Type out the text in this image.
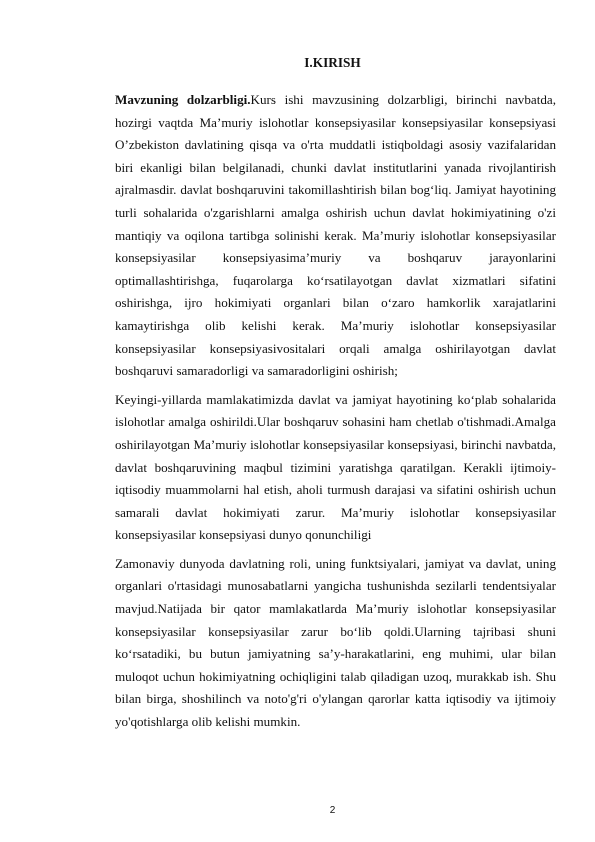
I.KIRISH

Mavzuning dolzarbligi.Kurs ishi mavzusining dolzarbligi, birinchi navbatda, hozirgi vaqtda Maʼmuriy islohotlar konsepsiyasilar konsepsiyasilar konsepsiyasi O’zbekiston davlatining qisqa va o'rta muddatli istiqboldagi asosiy vazifalaridan biri ekanligi bilan belgilanadi, chunki davlat institutlarini yanada rivojlantirish ajralmasdir. davlat boshqaruvini takomillashtirish bilan bog‘liq. Jamiyat hayotining turli sohalarida o'zgarishlarni amalga oshirish uchun davlat hokimiyatining o'zi mantiqiy va oqilona tartibga solinishi kerak. Maʼmuriy islohotlar konsepsiyasilar konsepsiyasilar konsepsiyasimaʼmuriy va boshqaruv jarayonlarini optimallashtirishga, fuqarolarga ko‘rsatilayotgan davlat xizmatlari sifatini oshirishga, ijro hokimiyati organlari bilan o‘zaro hamkorlik xarajatlarini kamaytirishga olib kelishi kerak. Maʼmuriy islohotlar konsepsiyasilar konsepsiyasilar konsepsiyasivositalari orqali amalga oshirilayotgan davlat boshqaruvi samaradorligi va samaradorligini oshirish;

Keyingi-yillarda mamlakatimizda davlat va jamiyat hayotining ko‘plab sohalarida islohotlar amalga oshirildi.Ular boshqaruv sohasini ham chetlab o'tishmadi.Amalga oshirilayotgan Maʼmuriy islohotlar konsepsiyasilar konsepsiyasi, birinchi navbatda, davlat boshqaruvining maqbul tizimini yaratishga qaratilgan. Kerakli ijtimoiy-iqtisodiy muammolarni hal etish, aholi turmush darajasi va sifatini oshirish uchun samarali davlat hokimiyati zarur. Maʼmuriy islohotlar konsepsiyasilar konsepsiyasilar konsepsiyasi dunyo qonunchiligi

Zamonaviy dunyoda davlatning roli, uning funktsiyalari, jamiyat va davlat, uning organlari o'rtasidagi munosabatlarni yangicha tushunishda sezilarli tendentsiyalar mavjud.Natijada bir qator mamlakatlarda Maʼmuriy islohotlar konsepsiyasilar konsepsiyasilar konsepsiyasilar zarur bo‘lib qoldi.Ularning tajribasi shuni ko‘rsatadiki, bu butun jamiyatning saʼy-harakatlarini, eng muhimi, ular bilan muloqot uchun hokimiyatning ochiqligini talab qiladigan uzoq, murakkab ish. Shu bilan birga, shoshilinch va noto'g'ri o'ylangan qarorlar katta iqtisodiy va ijtimoiy yo'qotishlarga olib kelishi mumkin.

2
